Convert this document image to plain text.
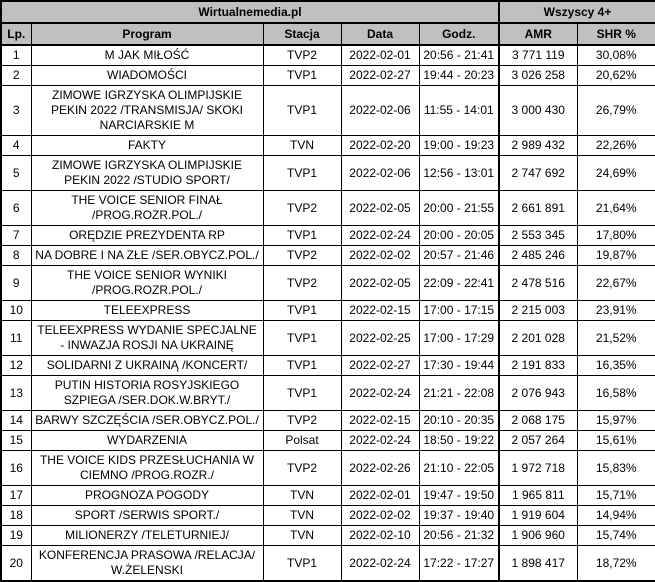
Wirtualnemedia.pl					Wszyscy 4+	
Lp.	Program	Stacja	Data	Godz.	AMR	SHR %
1	M JAK MIŁOŚĆ	TVP2	2022-02-01	20:56 - 21:41	3 771 119	30,08%
2	WIADOMOŚCI	TVP1	2022-02-27	19:44 - 20:23	3 026 258	20,62%
3	ZIMOWE IGRZYSKA OLIMPIJSKIE PEKIN 2022 /TRANSMISJA/ SKOKI NARCIARSKIE M	TVP1	2022-02-06	11:55 - 14:01	3 000 430	26,79%
4	FAKTY	TVN	2022-02-20	19:00 - 19:23	2 989 432	22,26%
5	ZIMOWE IGRZYSKA OLIMPIJSKIE PEKIN 2022 /STUDIO SPORT/	TVP1	2022-02-06	12:56 - 13:01	2 747 692	24,69%
6	THE VOICE SENIOR FINAŁ /PROG.ROZR.POL./	TVP2	2022-02-05	20:00 - 21:55	2 661 891	21,64%
7	ORĘDZIE PREZYDENTA RP	TVP1	2022-02-24	20:00 - 20:05	2 553 345	17,80%
8	NA DOBRE I NA ZŁE /SER.OBYCZ.POL./	TVP2	2022-02-02	20:57 - 21:46	2 485 246	19,87%
9	THE VOICE SENIOR WYNIKI /PROG.ROZR.POL./	TVP2	2022-02-05	22:09 - 22:41	2 478 516	22,67%
10	TELEEXPRESS	TVP1	2022-02-15	17:00 - 17:15	2 215 003	23,91%
11	TELEEXPRESS WYDANIE SPECJALNE - INWAZJA ROSJI NA UKRAINĘ	TVP1	2022-02-25	17:00 - 17:29	2 201 028	21,52%
12	SOLIDARNI Z UKRAINĄ /KONCERT/	TVP1	2022-02-27	17:30 - 19:44	2 191 833	16,35%
13	PUTIN HISTORIA ROSYJSKIEGO SZPIEGA /SER.DOK.W.BRYT./	TVP1	2022-02-24	21:21 - 22:08	2 076 943	16,58%
14	BARWY SZCZĘŚCIA /SER.OBYCZ.POL./	TVP2	2022-02-15	20:10 - 20:35	2 068 175	15,97%
15	WYDARZENIA	Polsat	2022-02-24	18:50 - 19:22	2 057 264	15,61%
16	THE VOICE KIDS PRZESŁUCHANIA W CIEMNO /PROG.ROZR./	TVP2	2022-02-26	21:10 - 22:05	1 972 718	15,83%
17	PROGNOZA POGODY	TVN	2022-02-01	19:47 - 19:50	1 965 811	15,71%
18	SPORT /SERWIS SPORT./	TVN	2022-02-02	19:37 - 19:40	1 919 604	14,94%
19	MILIONERZY /TELETURNIEJ/	TVN	2022-02-10	20:56 - 21:32	1 906 960	15,74%
20	KONFERENCJA PRASOWA /RELACJA/ W.ŻELENSKI	TVP1	2022-02-24	17:22 - 17:27	1 898 417	18,72%
